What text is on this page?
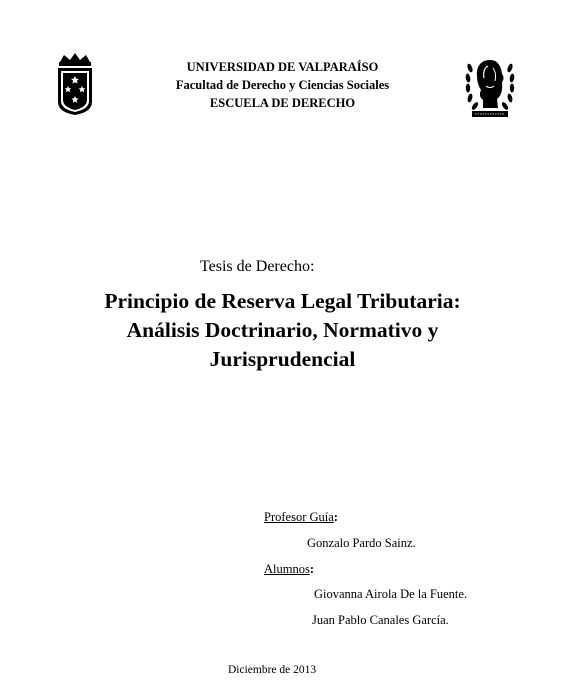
UNIVERSIDAD DE VALPARAÍSO
Facultad de Derecho y Ciencias Sociales
ESCUELA DE DERECHO
Tesis de Derecho:
Principio de Reserva Legal Tributaria:
Análisis Doctrinario, Normativo y
Jurisprudencial
Profesor Guía:
Gonzalo Pardo Sainz.
Alumnos:
Giovanna Airola De la Fuente.
Juan Pablo Canales García.
Diciembre de 2013
